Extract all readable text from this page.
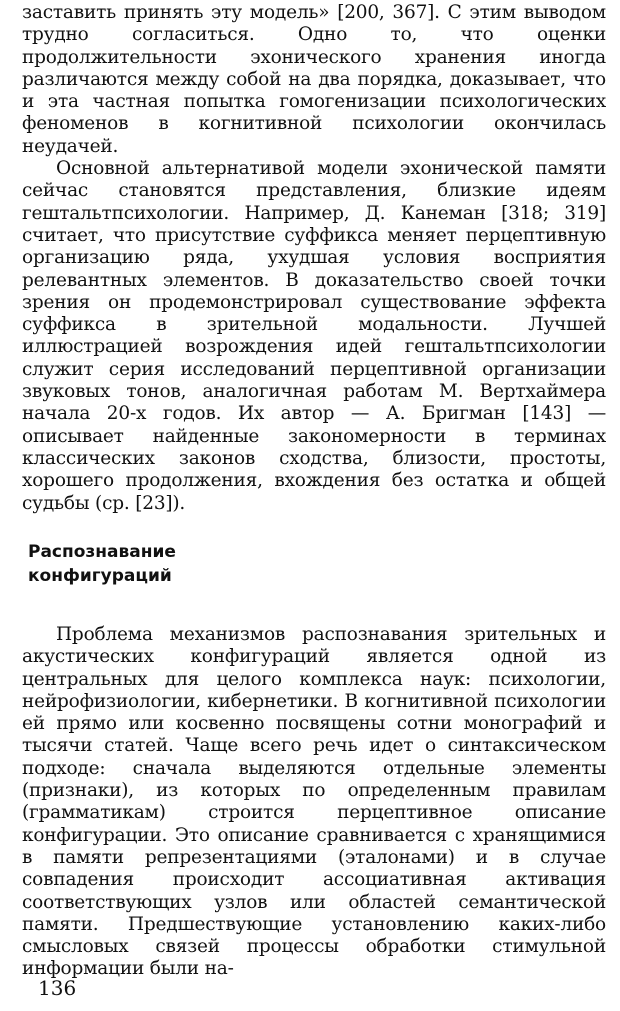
заставить принять эту модель» [200, 367]. С этим выводом трудно согласиться. Одно то, что оценки продолжительности эхонического хранения иногда различаются между собой на два порядка, доказывает, что и эта частная попытка гомогенизации психологических феноменов в когнитивной психологии окончилась неудачей.

Основной альтернативой модели эхонической памяти сейчас становятся представления, близкие идеям гештальтпсихологии. Например, Д. Канеман [318; 319] считает, что присутствие суффикса меняет перцептивную организацию ряда, ухудшая условия восприятия релевантных элементов. В доказательство своей точки зрения он продемонстрировал существование эффекта суффикса в зрительной модальности. Лучшей иллюстрацией возрождения идей гештальтпсихологии служит серия исследований перцептивной организации звуковых тонов, аналогичная работам М. Вертхаймера начала 20-х годов. Их автор — А. Бригман [143] — описывает найденные закономерности в терминах классических законов сходства, близости, простоты, хорошего продолжения, вхождения без остатка и общей судьбы (ср. [23]).

Распознавание
конфигураций

Проблема механизмов распознавания зрительных и акустических конфигураций является одной из центральных для целого комплекса наук: психологии, нейрофизиологии, кибернетики. В когнитивной психологии ей прямо или косвенно посвящены сотни монографий и тысячи статей. Чаще всего речь идет о синтаксическом подходе: сначала выделяются отдельные элементы (признаки), из которых по определенным правилам (грамматикам) строится перцептивное описание конфигурации. Это описание сравнивается с хранящимися в памяти репрезентациями (эталонами) и в случае совпадения происходит ассоциативная активация соответствующих узлов или областей семантической памяти. Предшествующие установлению каких-либо смысловых связей процессы обработки стимульной информации были на-

136
